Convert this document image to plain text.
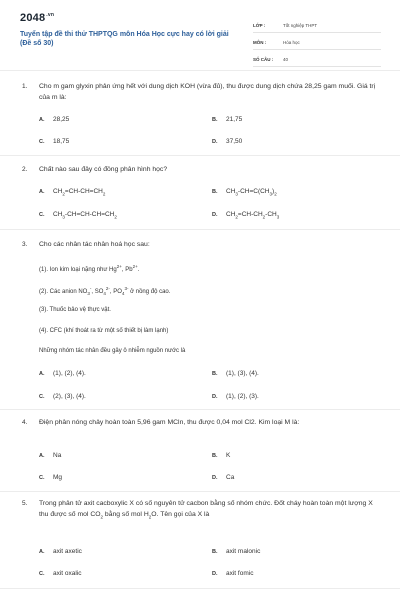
$2048^{.vn}$
Tuyển tập đề thi thử THPTQG môn Hóa Học cực hay có lời giải (Đề số 30)
LỚP :	Tốt nghiệp THPT
MÔN :	Hóa học
SỐ CÂU :	40
1. Cho m gam glyxin phản ứng hết với dung dịch KOH (vừa đủ), thu được dung dịch chứa 28,25 gam muối. Giá trị của m là:
A. 28,25	B. 21,75
C. 18,75	D. 37,50
2. Chất nào sau đây có đồng phân hình học?
A. $CH_2=CH-CH=CH_2$	B. $CH_3-CH=C(CH_3)_2$
C. $CH_3-CH=CH-CH=CH_2$	D. $CH_2=CH-CH_2-CH_3$
3. Cho các nhân tác nhân hoá học sau:
(1). Ion kim loại nặng như $Hg^{2+}$, $Pb^{2+}$.
(2). Các anion $NO_3^-$, $SO_4^{2-}$, $PO_4^{3-}$ ở nồng độ cao.
(3). Thuốc bảo vệ thực vật.
(4). CFC (khí thoát ra từ một số thiết bị làm lạnh)
Những nhóm tác nhân đều gây ô nhiễm nguồn nước là
A. (1), (2), (4).	B. (1), (3), (4).
C. (2), (3), (4).	D. (1), (2), (3).
4. Điện phân nóng chảy hoàn toàn 5,96 gam MCln, thu được 0,04 mol Cl2. Kim loại M là:
A. Na	B. K
C. Mg	D. Ca
5. Trong phân tử axit cacboxylic X có số nguyên tử cacbon bằng số nhóm chức. Đốt cháy hoàn toàn một lượng X thu được số mol $CO_2$ bằng số mol $H_2O$. Tên gọi của X là
A. axit axetic	B. axit malonic
C. axit oxalic	D. axit fomic
